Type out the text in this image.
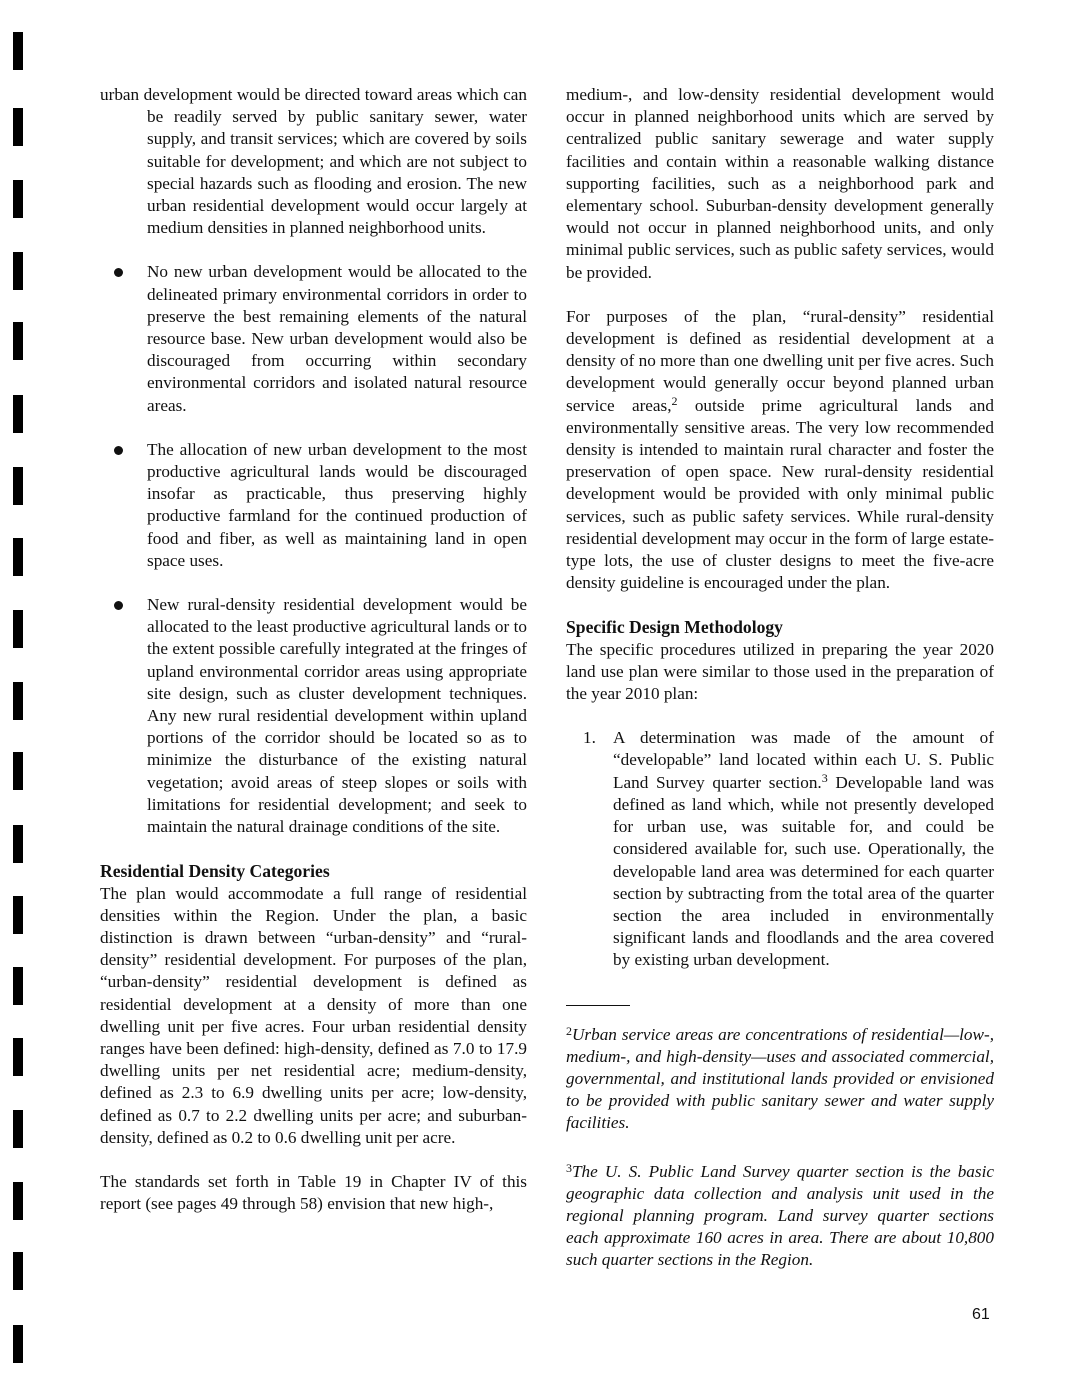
urban development would be directed toward areas which can be readily served by public sanitary sewer, water supply, and transit services; which are covered by soils suitable for development; and which are not subject to special hazards such as flooding and erosion. The new urban residential development would occur largely at medium densities in planned neighborhood units.

No new urban development would be allocated to the delineated primary environmental corridors in order to preserve the best remaining elements of the natural resource base. New urban development would also be discouraged from occurring within secondary environmental corridors and isolated natural resource areas.
The allocation of new urban development to the most productive agricultural lands would be discouraged insofar as practicable, thus preserving highly productive farmland for the continued production of food and fiber, as well as maintaining land in open space uses.
New rural-density residential development would be allocated to the least productive agricultural lands or to the extent possible carefully integrated at the fringes of upland environmental corridor areas using appropriate site design, such as cluster development techniques. Any new rural residential development within upland portions of the corridor should be located so as to minimize the disturbance of the existing natural vegetation; avoid areas of steep slopes or soils with limitations for residential development; and seek to maintain the natural drainage conditions of the site.
Residential Density Categories

The plan would accommodate a full range of residential densities within the Region. Under the plan, a basic distinction is drawn between “urban-density” and “rural-density” residential development. For purposes of the plan, “urban-density” residential development is defined as residential development at a density of more than one dwelling unit per five acres. Four urban residential density ranges have been defined: high-density, defined as 7.0 to 17.9 dwelling units per net residential acre; medium-density, defined as 2.3 to 6.9 dwelling units per acre; low-density, defined as 0.7 to 2.2 dwelling units per acre; and suburban-density, defined as 0.2 to 0.6 dwelling unit per acre.

The standards set forth in Table 19 in Chapter IV of this report (see pages 49 through 58) envision that new high-,

medium-, and low-density residential development would occur in planned neighborhood units which are served by centralized public sanitary sewerage and water supply facilities and contain within a reasonable walking distance supporting facilities, such as a neighborhood park and elementary school. Suburban-density development generally would not occur in planned neighborhood units, and only minimal public services, such as public safety services, would be provided.

For purposes of the plan, “rural-density” residential development is defined as residential development at a density of no more than one dwelling unit per five acres. Such development would generally occur beyond planned urban service areas,$^2$ outside prime agricultural lands and environmentally sensitive areas. The very low recommended density is intended to maintain rural character and foster the preservation of open space. New rural-density residential development would be provided with only minimal public services, such as public safety services. While rural-density residential development may occur in the form of large estate-type lots, the use of cluster designs to meet the five-acre density guideline is encouraged under the plan.

Specific Design Methodology

The specific procedures utilized in preparing the year 2020 land use plan were similar to those used in the preparation of the year 2010 plan:

1. A determination was made of the amount of “developable” land located within each U. S. Public Land Survey quarter section.$^3$ Developable land was defined as land which, while not presently developed for urban use, was suitable for, and could be considered available for, such use. Operationally, the developable land area was determined for each quarter section by subtracting from the total area of the quarter section the area included in environmentally significant lands and floodlands and the area covered by existing urban development.

$^2$Urban service areas are concentrations of residential—low-, medium-, and high-density—uses and associated commercial, governmental, and institutional lands provided or envisioned to be provided with public sanitary sewer and water supply facilities.

$^3$The U. S. Public Land Survey quarter section is the basic geographic data collection and analysis unit used in the regional planning program. Land survey quarter sections each approximate 160 acres in area. There are about 10,800 such quarter sections in the Region.

61
